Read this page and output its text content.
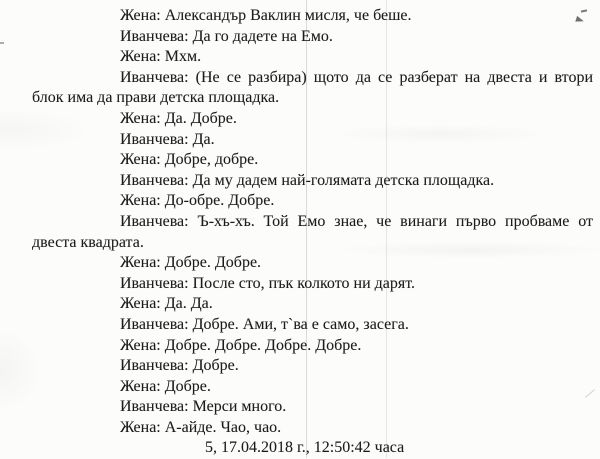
Жена: Александър Ваклин мисля, че беше.
Иванчева: Да го дадете на Емо.
Жена: Мхм.
Иванчева: (Не се разбира) щото да се разберат на двеста и втори
блок има да прави детска площадка.
Жена: Да. Добре.
Иванчева: Да.
Жена: Добре, добре.
Иванчева: Да му дадем най-голямата детска площадка.
Жена: До-обре. Добре.
Иванчева: Ъ-хъ-хъ. Той Емо знае, че винаги първо пробваме от
двеста квадрата.
Жена: Добре. Добре.
Иванчева: После сто, пък колкото ни дарят.
Жена: Да. Да.
Иванчева: Добре. Ами, т`ва е само, засега.
Жена: Добре. Добре. Добре. Добре.
Иванчева: Добре.
Жена: Добре.
Иванчева: Мерси много.
Жена: А-айде. Чао, чао.
5, 17.04.2018 г., 12:50:42 часа
